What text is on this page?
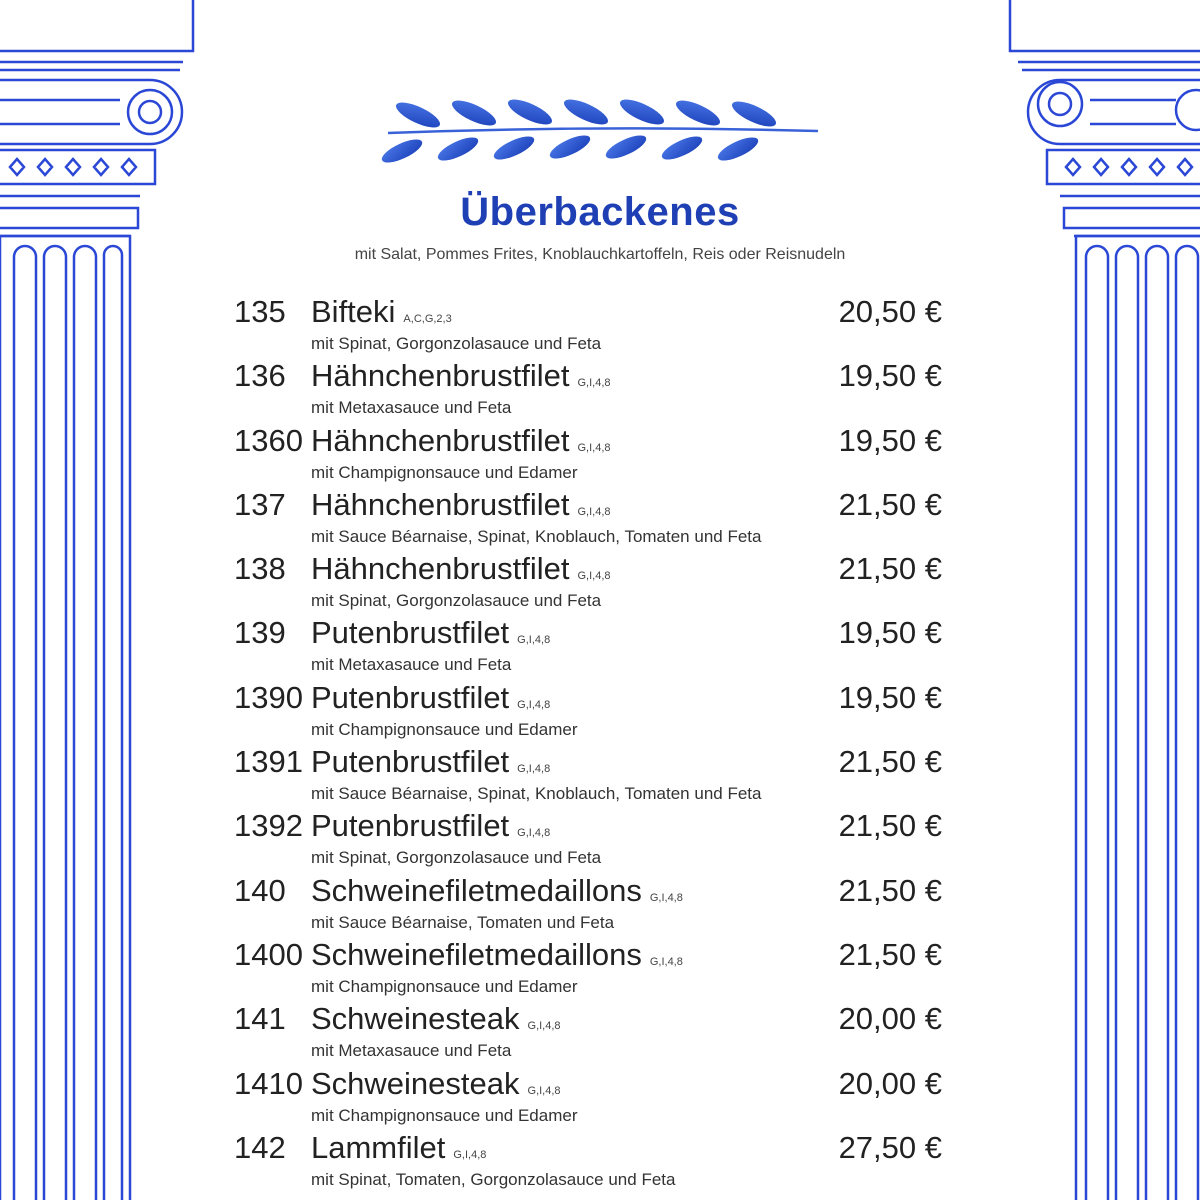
Überbackenes
mit Salat, Pommes Frites, Knoblauchkartoffeln, Reis oder Reisnudeln
135 Bifteki A,C,G,2,3
mit Spinat, Gorgonzolasauce und Feta
20,50 €
136 Hähnchenbrustfilet G,I,4,8
mit Metaxasauce und Feta
19,50 €
1360 Hähnchenbrustfilet G,I,4,8
mit Champignonsauce und Edamer
19,50 €
137 Hähnchenbrustfilet G,I,4,8
mit Sauce Béarnaise, Spinat, Knoblauch, Tomaten und Feta
21,50 €
138 Hähnchenbrustfilet G,I,4,8
mit Spinat, Gorgonzolasauce und Feta
21,50 €
139 Putenbrustfilet G,I,4,8
mit Metaxasauce und Feta
19,50 €
1390 Putenbrustfilet G,I,4,8
mit Champignonsauce und Edamer
19,50 €
1391 Putenbrustfilet G,I,4,8
mit Sauce Béarnaise, Spinat, Knoblauch, Tomaten und Feta
21,50 €
1392 Putenbrustfilet G,I,4,8
mit Spinat, Gorgonzolasauce und Feta
21,50 €
140 Schweinefiletmedaillons G,I,4,8
mit Sauce Béarnaise, Tomaten und Feta
21,50 €
1400 Schweinefiletmedaillons G,I,4,8
mit Champignonsauce und Edamer
21,50 €
141 Schweinesteak G,I,4,8
mit Metaxasauce und Feta
20,00 €
1410 Schweinesteak G,I,4,8
mit Champignonsauce und Edamer
20,00 €
142 Lammfilet G,I,4,8
mit Spinat, Tomaten, Gorgonzolasauce und Feta
27,50 €
